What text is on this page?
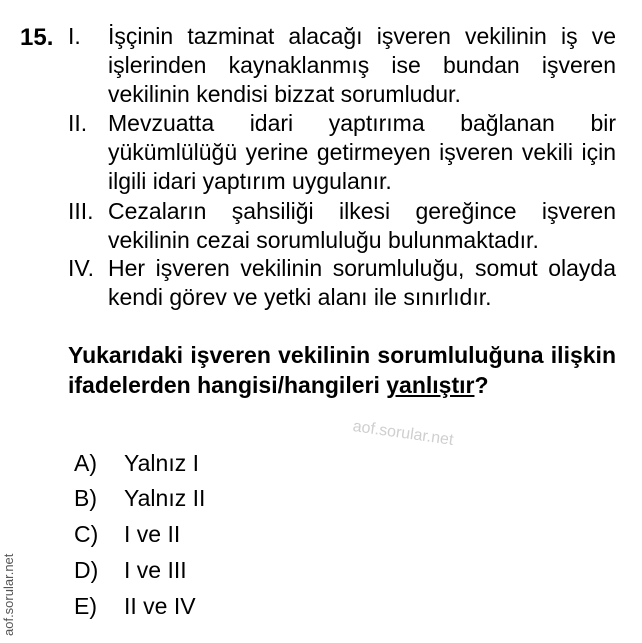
15. I. İşçinin tazminat alacağı işveren vekilinin iş ve işlerinden kaynaklanmış ise bundan işveren vekilinin kendisi bizzat sorumludur.
II. Mevzuatta idari yaptırıma bağlanan bir yükümlülüğü yerine getirmeyen işveren vekili için ilgili idari yaptırım uygulanır.
III. Cezaların şahsiliği ilkesi gereğince işveren vekilinin cezai sorumluluğu bulunmaktadır.
IV. Her işveren vekilinin sorumluluğu, somut olayda kendi görev ve yetki alanı ile sınırlıdır.
Yukarıdaki işveren vekilinin sorumluluğuna ilişkin ifadelerden hangisi/hangileri yanlıştır?
A) Yalnız I
B) Yalnız II
C) I ve II
D) I ve III
E) II ve IV
aof.sorular.net
aof.sorular.net
